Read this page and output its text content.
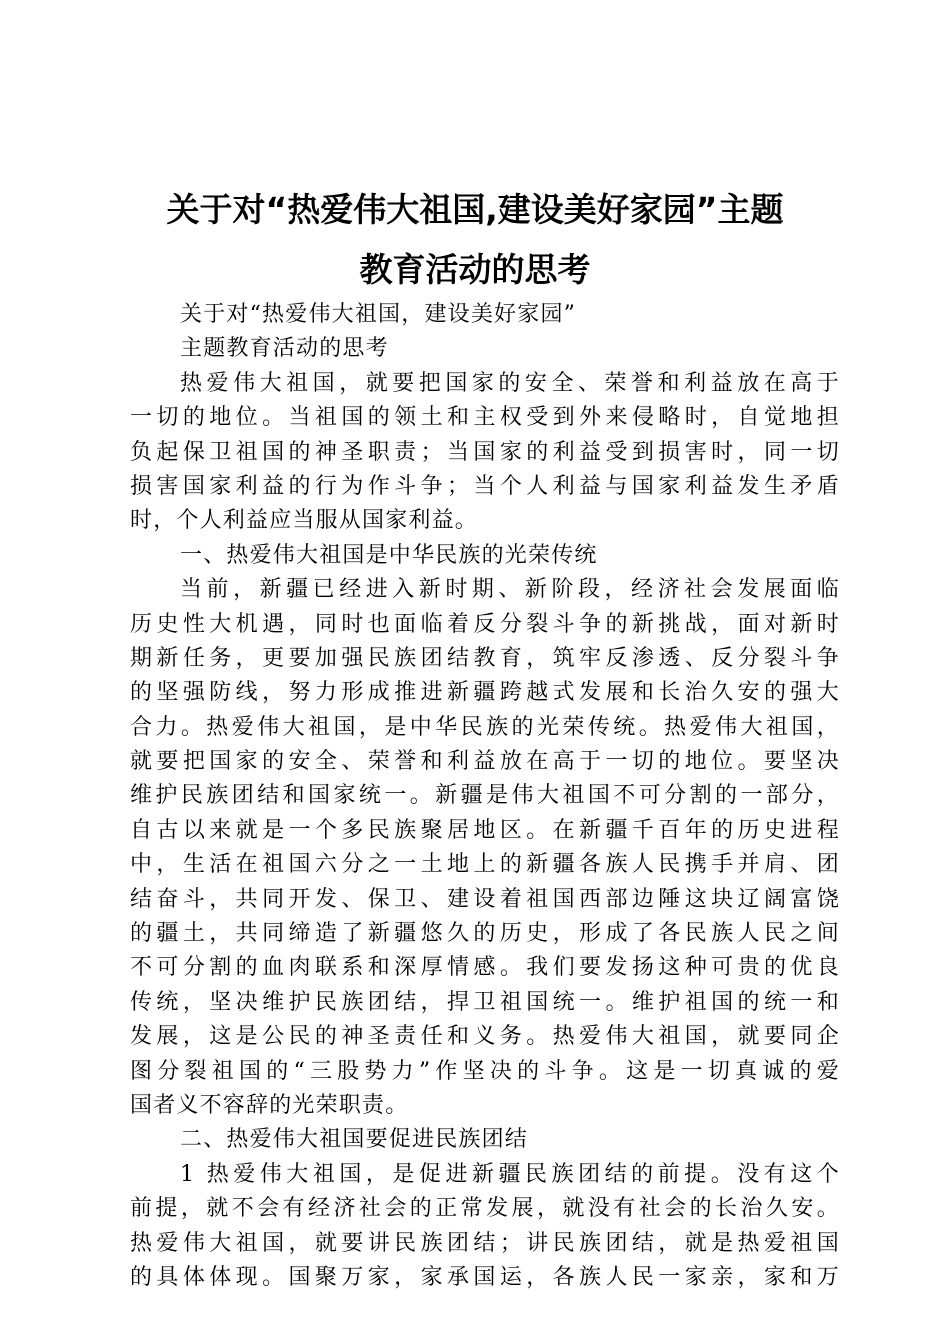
关于对“热爱伟大祖国,建设美好家园”主题
教育活动的思考
关于对“热爱伟大祖国，建设美好家园”
主题教育活动的思考
热爱伟大祖国，就要把国家的安全、荣誉和利益放在高于
一切的地位。当祖国的领土和主权受到外来侵略时，自觉地担
负起保卫祖国的神圣职责；当国家的利益受到损害时，同一切
损害国家利益的行为作斗争；当个人利益与国家利益发生矛盾
时，个人利益应当服从国家利益。
一、热爱伟大祖国是中华民族的光荣传统
当前，新疆已经进入新时期、新阶段，经济社会发展面临
历史性大机遇，同时也面临着反分裂斗争的新挑战，面对新时
期新任务，更要加强民族团结教育，筑牢反渗透、反分裂斗争
的坚强防线，努力形成推进新疆跨越式发展和长治久安的强大
合力。热爱伟大祖国，是中华民族的光荣传统。热爱伟大祖国，
就要把国家的安全、荣誉和利益放在高于一切的地位。要坚决
维护民族团结和国家统一。新疆是伟大祖国不可分割的一部分，
自古以来就是一个多民族聚居地区。在新疆千百年的历史进程
中，生活在祖国六分之一土地上的新疆各族人民携手并肩、团
结奋斗，共同开发、保卫、建设着祖国西部边陲这块辽阔富饶
的疆土，共同缔造了新疆悠久的历史，形成了各民族人民之间
不可分割的血肉联系和深厚情感。我们要发扬这种可贵的优良
传统，坚决维护民族团结，捍卫祖国统一。维护祖国的统一和
发展，这是公民的神圣责任和义务。热爱伟大祖国，就要同企
图分裂祖国的“三股势力”作坚决的斗争。这是一切真诚的爱
国者义不容辞的光荣职责。
二、热爱伟大祖国要促进民族团结
1 热爱伟大祖国，是促进新疆民族团结的前提。没有这个
前提，就不会有经济社会的正常发展，就没有社会的长治久安。
热爱伟大祖国，就要讲民族团结；讲民族团结，就是热爱祖国
的具体体现。国聚万家，家承国运，各族人民一家亲，家和万
